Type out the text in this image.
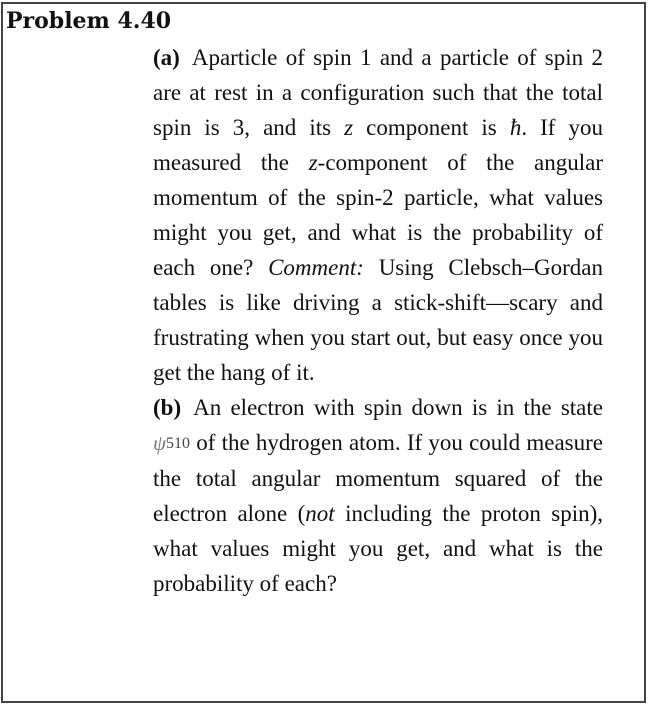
Problem 4.40

(a) Aparticle of spin 1 and a particle of spin 2 are at rest in a configuration such that the total spin is 3, and its z component is ħ. If you measured the z-component of the angular momentum of the spin-2 particle, what values might you get, and what is the probability of each one? Comment: Using Clebsch–Gordan tables is like driving a stick-shift—scary and frustrating when you start out, but easy once you get the hang of it.

(b) An electron with spin down is in the state $\psi_{510}$ of the hydrogen atom. If you could measure the total angular momentum squared of the electron alone (not including the proton spin), what values might you get, and what is the probability of each?
